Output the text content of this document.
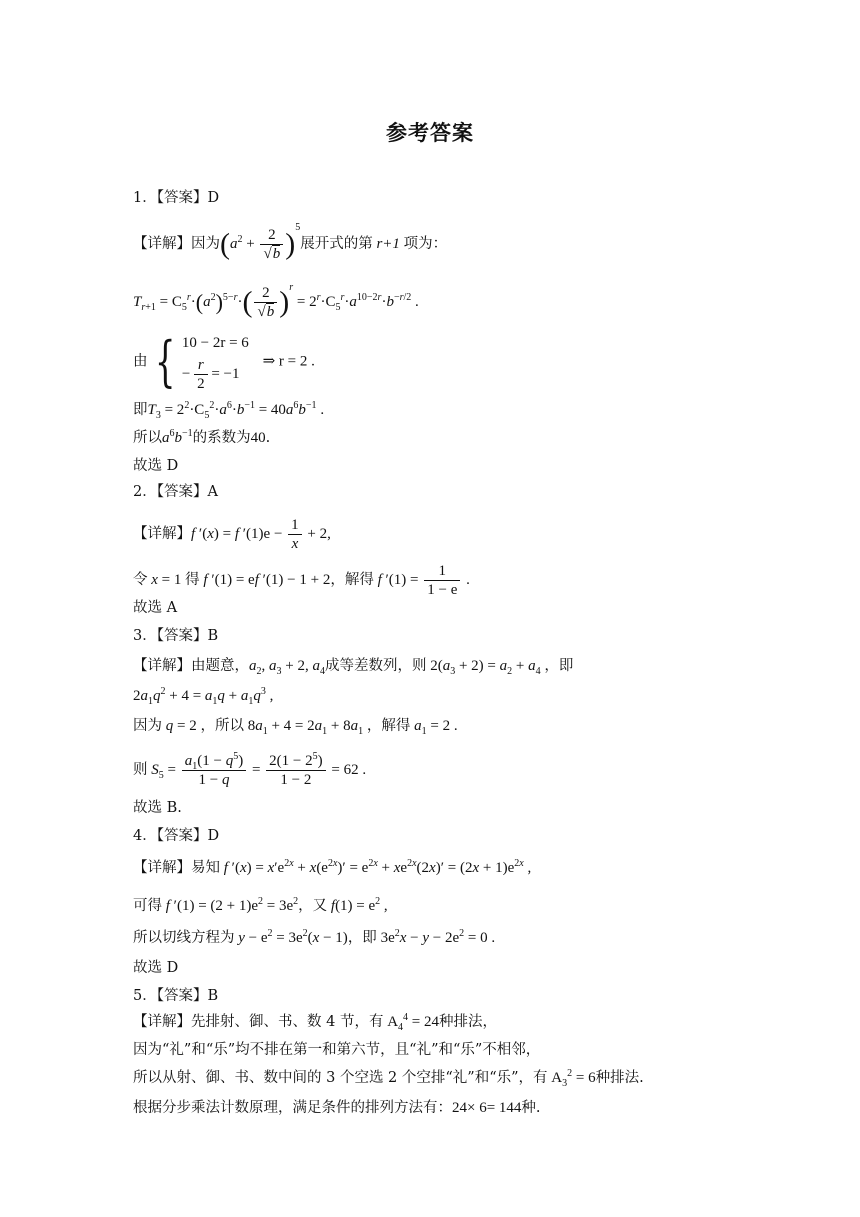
参考答案
1．【答案】D
【详解】因为$(a^2 + \frac{2}{√b} )^5$展开式的第 r+1 项为：
$T_{r+1} = C_5^r\cdot(a^2)^{5-r}\cdot( \frac{2}{√b} )^r = 2^r\cdot C_5^r\cdot a^{10-2r}\cdot b^{-r/2}$ .
由 { 10 − 2r = 6
− $\frac{r}{2} = -1$
⇒ r = 2 .
即$T_3 = 2^2\cdot C_5^2\cdot a^6\cdot b^{-1} = 40a^6b^{-1}$ .
所以$a^6b^{-1}$的系数为40.
故选 D
2．【答案】A
【详解】f ′(x) = f $'(1)e - \frac{1}{x} + 2$,
令 x = 1 得 f ′(1) = ef ′(1) − 1 + 2，解得 f $'(1) = \frac{1}{1 - e}$ .
故选 A
3．【答案】B
【详解】由题意，$a_2$, $a_3 + 2$, $a_4$成等差数列，则 $2(a_3 + 2) = a_2 + a_4$ ，即
$2a_1q^2 + 4 = a_1q + a_1q^3$ ,
因为 q = 2 ，所以 $8a_1 + 4 = 2a_1 + 8a_1$ ，解得 $a_1 = 2$ .
则 $S_5 = \frac{a_1(1 - q^5)}{1 - q} = \frac{2(1 - 2^5)}{1 - 2} = 62$ .
故选 B.
4．【答案】D
【详解】易知 f $'(x) = x'e^{2x} + x(e^{2x})' = e^{2x} + xe^{2x}(2x)' = (2x + 1)e^{2x}$ ,
可得 f $'(1) = (2 + 1)e^2 = 3e^2$，又 $f(1) = e^2$ ,
所以切线方程为 $y - e^2 = 3e^2(x - 1)$，即 $3e^2x - y - 2e^2 = 0$ .
故选 D
5．【答案】B
【详解】先排射、御、书、数 4 节，有 $A_4^4 = 24$种排法，
因为“礼”和“乐”均不排在第一和第六节，且“礼”和“乐”不相邻，
所以从射、御、书、数中间的 3 个空选 2 个空排“礼”和“乐”，有 $A_3^2 = 6$种排法.
根据分步乘法计数原理，满足条件的排列方法有：24× 6= 144种.
